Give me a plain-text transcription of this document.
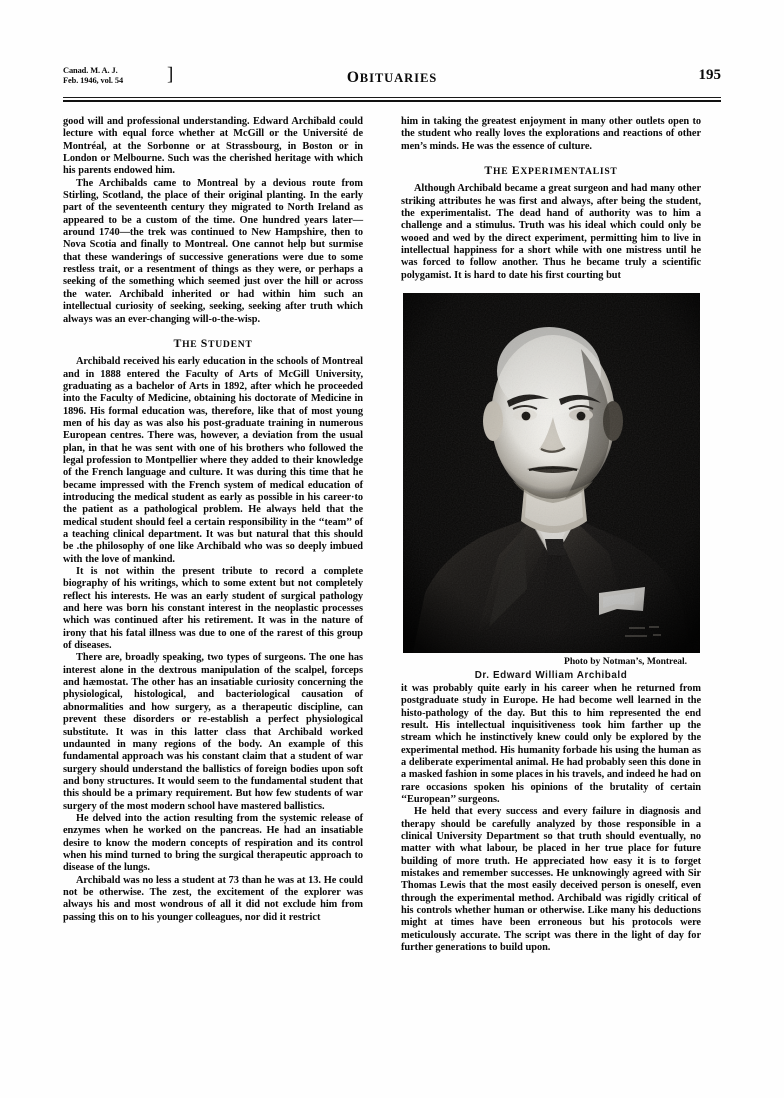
Canad. M. A. J.
Feb. 1946, vol. 54 ]	OBITUARIES	195

good will and professional understanding. Edward Archibald could lecture with equal force whether at McGill or the Université de Montréal, at the Sorbonne or at Strassbourg, in Boston or in London or Melbourne. Such was the cherished heritage with which his parents endowed him.

The Archibalds came to Montreal by a devious route from Stirling, Scotland, the place of their original planting. In the early part of the seventeenth century they migrated to North Ireland as appeared to be a custom of the time. One hundred years later—around 1740—the trek was continued to New Hampshire, then to Nova Scotia and finally to Montreal. One cannot help but surmise that these wanderings of successive generations were due to some restless trait, or a resentment of things as they were, or perhaps a seeking of the something which seemed just over the hill or across the water. Archibald inherited or had within him such an intellectual curiosity of seeking, seeking, seeking after truth which always was an ever-changing will-o-the-wisp.

THE STUDENT

Archibald received his early education in the schools of Montreal and in 1888 entered the Faculty of Arts of McGill University, graduating as a bachelor of Arts in 1892, after which he proceeded into the Faculty of Medicine, obtaining his doctorate of Medicine in 1896. His formal education was, therefore, like that of most young men of his day as was also his post-graduate training in numerous European centres. There was, however, a deviation from the usual plan, in that he was sent with one of his brothers who followed the legal profession to Montpellier where they added to their knowledge of the French language and culture. It was during this time that he became impressed with the French system of medical education of introducing the medical student as early as possible in his career·to the patient as a pathological problem. He always held that the medical student should feel a certain responsibility in the ‘‘team’’ of a teaching clinical department. It was but natural that this should be .the philosophy of one like Archibald who was so deeply imbued with the love of mankind.

It is not within the present tribute to record a complete biography of his writings, which to some extent but not completely reflect his interests. He was an early student of surgical pathology and here was born his constant interest in the neoplastic processes which was continued after his retirement. It was in the nature of irony that his fatal illness was due to one of the rarest of this group of diseases.

There are, broadly speaking, two types of surgeons. The one has interest alone in the dextrous manipulation of the scalpel, forceps and hæmostat. The other has an insatiable curiosity concerning the physiological, histological, and bacteriological causation of abnormalities and how surgery, as a therapeutic discipline, can prevent these disorders or re-establish a perfect physiological substitute. It was in this latter class that Archibald worked undaunted in many regions of the body. An example of this fundamental approach was his constant claim that a student of war surgery should understand the ballistics of foreign bodies upon soft and bony structures. It would seem to the fundamental student that this should be a primary requirement. But how few students of war surgery of the most modern school have mastered ballistics.

He delved into the action resulting from the systemic release of enzymes when he worked on the pancreas. He had an insatiable desire to know the modern concepts of respiration and its control when his mind turned to bring the surgical therapeutic approach to disease of the lungs.

Archibald was no less a student at 73 than he was at 13. He could not be otherwise. The zest, the excitement of the explorer was always his and most wondrous of all it did not exclude him from passing this on to his younger colleagues, nor did it restrict

him in taking the greatest enjoyment in many other outlets open to the student who really loves the explorations and reactions of other men’s minds. He was the essence of culture.

THE EXPERIMENTALIST

Although Archibald became a great surgeon and had many other striking attributes he was first and always, after being the student, the experimentalist. The dead hand of authority was to him a challenge and a stimulus. Truth was his ideal which could only be wooed and wed by the direct experiment, permitting him to live in intellectual happiness for a short while with one mistress until he was forced to follow another. Thus he became truly a scientific polygamist. It is hard to date his first courting but

Photo by Notman’s, Montreal.
Dr. Edward William Archibald

it was probably quite early in his career when he returned from postgraduate study in Europe. He had become well learned in the histo-pathology of the day. But this to him represented the end result. His intellectual inquisitiveness took him farther up the stream which he instinctively knew could only be explored by the experimental method. His humanity forbade his using the human as a deliberate experimental animal. He had probably seen this done in a masked fashion in some places in his travels, and indeed he had on rare occasions spoken his opinions of the brutality of certain ‘‘European’’ surgeons.

He held that every success and every failure in diagnosis and therapy should be carefully analyzed by those responsible in a clinical University Department so that truth should eventually, no matter with what labour, be placed in her true place for future building of more truth. He appreciated how easy it is to forget mistakes and remember successes. He unknowingly agreed with Sir Thomas Lewis that the most easily deceived person is oneself, even through the experimental method. Archibald was rigidly critical of his controls whether human or otherwise. Like many his deductions might at times have been erroneous but his protocols were meticulously accurate. The script was there in the light of day for further generations to build upon.
